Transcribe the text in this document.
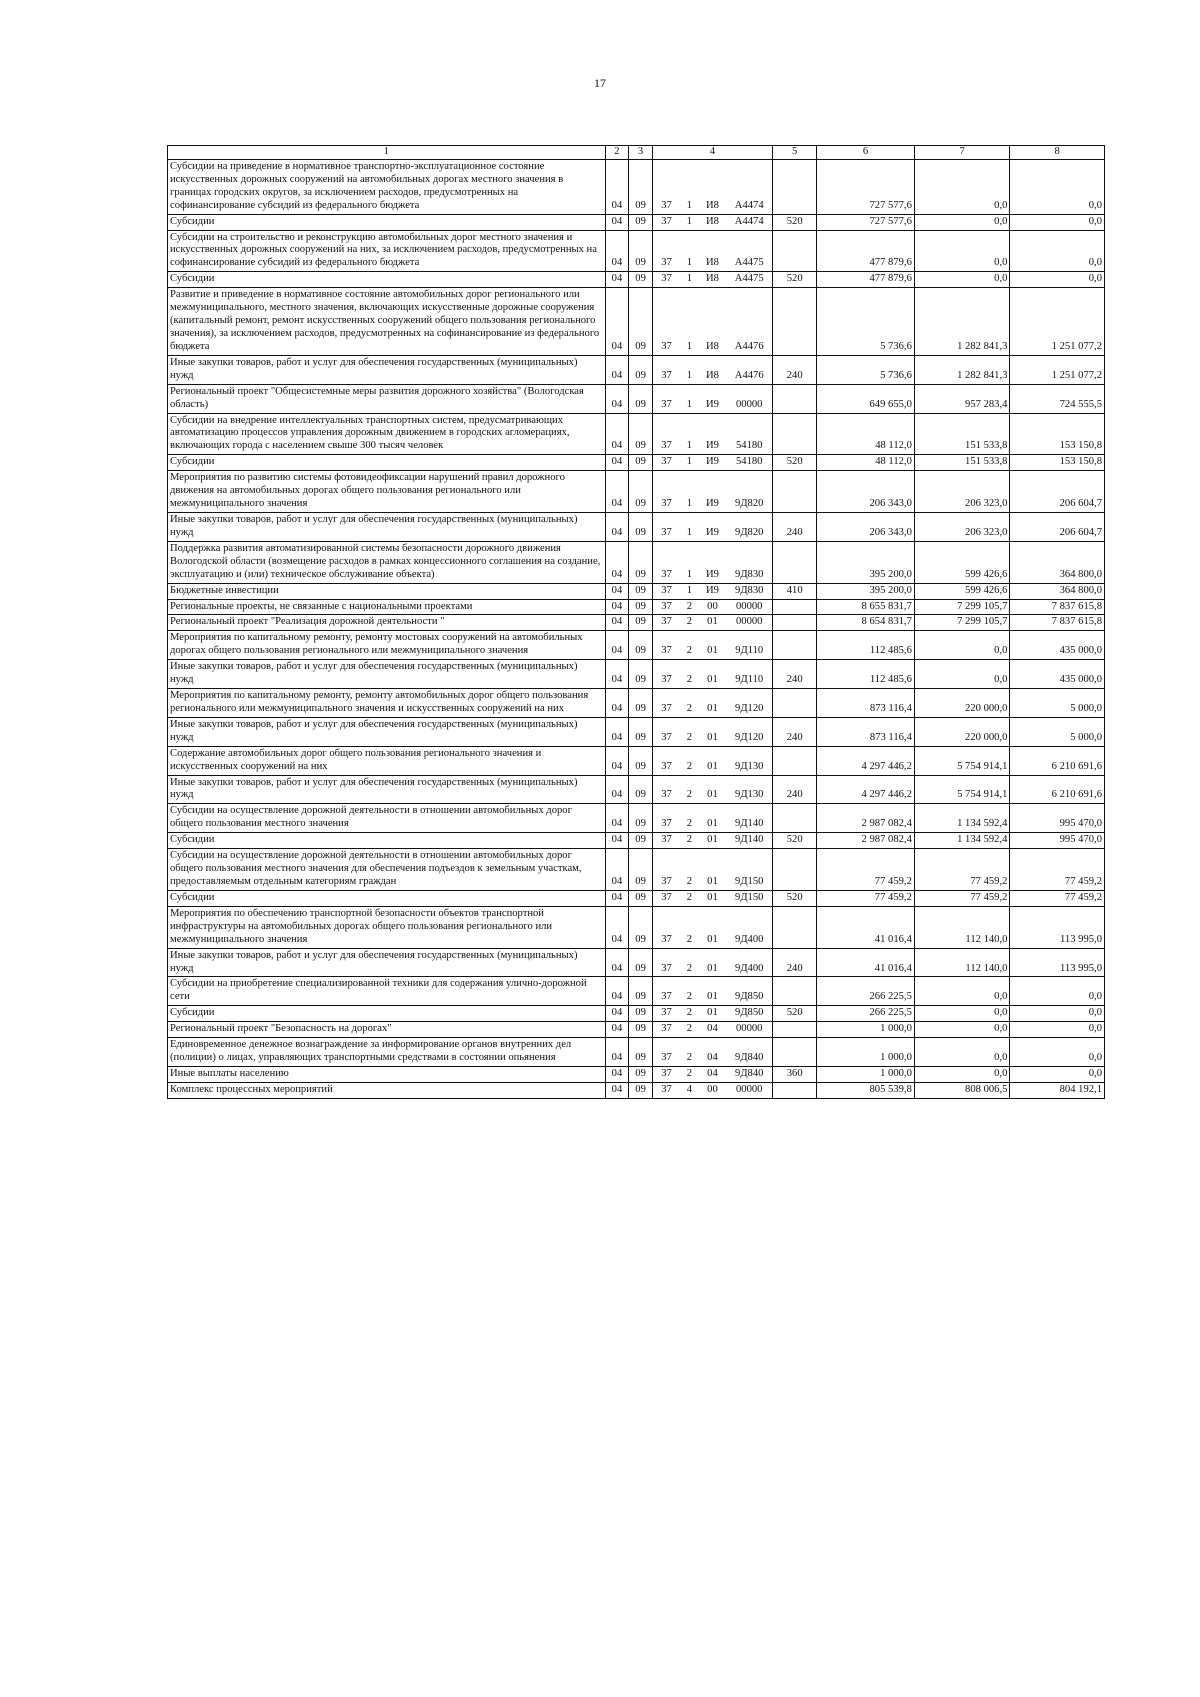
17
1	2	3	4				5	6	7	8
Субсидии на приведение в нормативное транспортно-эксплуатационное состояние искусственных дорожных сооружений на автомобильных дорогах местного значения в границах городских округов, за исключением расходов, предусмотренных на софинансирование субсидий из федерального бюджета	04	09	37	1	И8	A4474		727 577,6	0,0	0,0
Субсидии	04	09	37	1	И8	A4474	520	727 577,6	0,0	0,0
Субсидии на строительство и реконструкцию автомобильных дорог местного значения и искусственных дорожных сооружений на них, за исключением расходов, предусмотренных на софинансирование субсидий из федерального бюджета	04	09	37	1	И8	A4475		477 879,6	0,0	0,0
Субсидии	04	09	37	1	И8	A4475	520	477 879,6	0,0	0,0
Развитие и приведение в нормативное состояние автомобильных дорог регионального или межмуниципального, местного значения, включающих искусственные дорожные сооружения (капитальный ремонт, ремонт искусственных сооружений общего пользования регионального значения), за исключением расходов, предусмотренных на софинансирование из федерального бюджета	04	09	37	1	И8	A4476		5 736,6	1 282 841,3	1 251 077,2
Иные закупки товаров, работ и услуг для обеспечения государственных (муниципальных) нужд	04	09	37	1	И8	A4476	240	5 736,6	1 282 841,3	1 251 077,2
Региональный проект "Общесистемные меры развития дорожного хозяйства" (Вологодская область)	04	09	37	1	И9	00000		649 655,0	957 283,4	724 555,5
Субсидии на внедрение интеллектуальных транспортных систем, предусматривающих автоматизацию процессов управления дорожным движением в городских агломерациях, включающих города с населением свыше 300 тысяч человек	04	09	37	1	И9	54180		48 112,0	151 533,8	153 150,8
Субсидии	04	09	37	1	И9	54180	520	48 112,0	151 533,8	153 150,8
Мероприятия по развитию системы фотовидеофиксации нарушений правил дорожного движения на автомобильных дорогах общего пользования регионального или межмуниципального значения	04	09	37	1	И9	9Д820		206 343,0	206 323,0	206 604,7
Иные закупки товаров, работ и услуг для обеспечения государственных (муниципальных) нужд	04	09	37	1	И9	9Д820	240	206 343,0	206 323,0	206 604,7
Поддержка развития автоматизированной системы безопасности дорожного движения Вологодской области (возмещение расходов в рамках концессионного соглашения на создание, эксплуатацию и (или) техническое обслуживание объекта)	04	09	37	1	И9	9Д830		395 200,0	599 426,6	364 800,0
Бюджетные инвестиции	04	09	37	1	И9	9Д830	410	395 200,0	599 426,6	364 800,0
Региональные проекты, не связанные с национальными проектами	04	09	37	2	00	00000		8 655 831,7	7 299 105,7	7 837 615,8
Региональный проект "Реализация дорожной деятельности "	04	09	37	2	01	00000		8 654 831,7	7 299 105,7	7 837 615,8
Мероприятия по капитальному ремонту, ремонту мостовых сооружений на автомобильных дорогах общего пользования регионального или межмуниципального значения	04	09	37	2	01	9Д110		112 485,6	0,0	435 000,0
Иные закупки товаров, работ и услуг для обеспечения государственных (муниципальных) нужд	04	09	37	2	01	9Д110	240	112 485,6	0,0	435 000,0
Мероприятия по капитальному ремонту, ремонту автомобильных дорог общего пользования регионального или межмуниципального значения и искусственных сооружений на них	04	09	37	2	01	9Д120		873 116,4	220 000,0	5 000,0
Иные закупки товаров, работ и услуг для обеспечения государственных (муниципальных) нужд	04	09	37	2	01	9Д120	240	873 116,4	220 000,0	5 000,0
Содержание автомобильных дорог общего пользования регионального значения и искусственных сооружений на них	04	09	37	2	01	9Д130		4 297 446,2	5 754 914,1	6 210 691,6
Иные закупки товаров, работ и услуг для обеспечения государственных (муниципальных) нужд	04	09	37	2	01	9Д130	240	4 297 446,2	5 754 914,1	6 210 691,6
Субсидии на осуществление дорожной деятельности в отношении автомобильных дорог общего пользования местного значения	04	09	37	2	01	9Д140		2 987 082,4	1 134 592,4	995 470,0
Субсидии	04	09	37	2	01	9Д140	520	2 987 082,4	1 134 592,4	995 470,0
Субсидии на осуществление дорожной деятельности в отношении автомобильных дорог общего пользования местного значения для обеспечения подъездов к земельным участкам, предоставляемым отдельным категориям граждан	04	09	37	2	01	9Д150		77 459,2	77 459,2	77 459,2
Субсидии	04	09	37	2	01	9Д150	520	77 459,2	77 459,2	77 459,2
Мероприятия по обеспечению транспортной безопасности объектов транспортной инфраструктуры на автомобильных дорогах общего пользования регионального или межмуниципального значения	04	09	37	2	01	9Д400		41 016,4	112 140,0	113 995,0
Иные закупки товаров, работ и услуг для обеспечения государственных (муниципальных) нужд	04	09	37	2	01	9Д400	240	41 016,4	112 140,0	113 995,0
Субсидии на приобретение специализированной техники для содержания улично-дорожной сети	04	09	37	2	01	9Д850		266 225,5	0,0	0,0
Субсидии	04	09	37	2	01	9Д850	520	266 225,5	0,0	0,0
Региональный проект "Безопасность на дорогах"	04	09	37	2	04	00000		1 000,0	0,0	0,0
Единовременное денежное вознаграждение за информирование органов внутренних дел (полиции) о лицах, управляющих транспортными средствами в состоянии опьянения	04	09	37	2	04	9Д840		1 000,0	0,0	0,0
Иные выплаты населению	04	09	37	2	04	9Д840	360	1 000,0	0,0	0,0
Комплекс процессных мероприятий	04	09	37	4	00	00000		805 539,8	808 006,5	804 192,1
